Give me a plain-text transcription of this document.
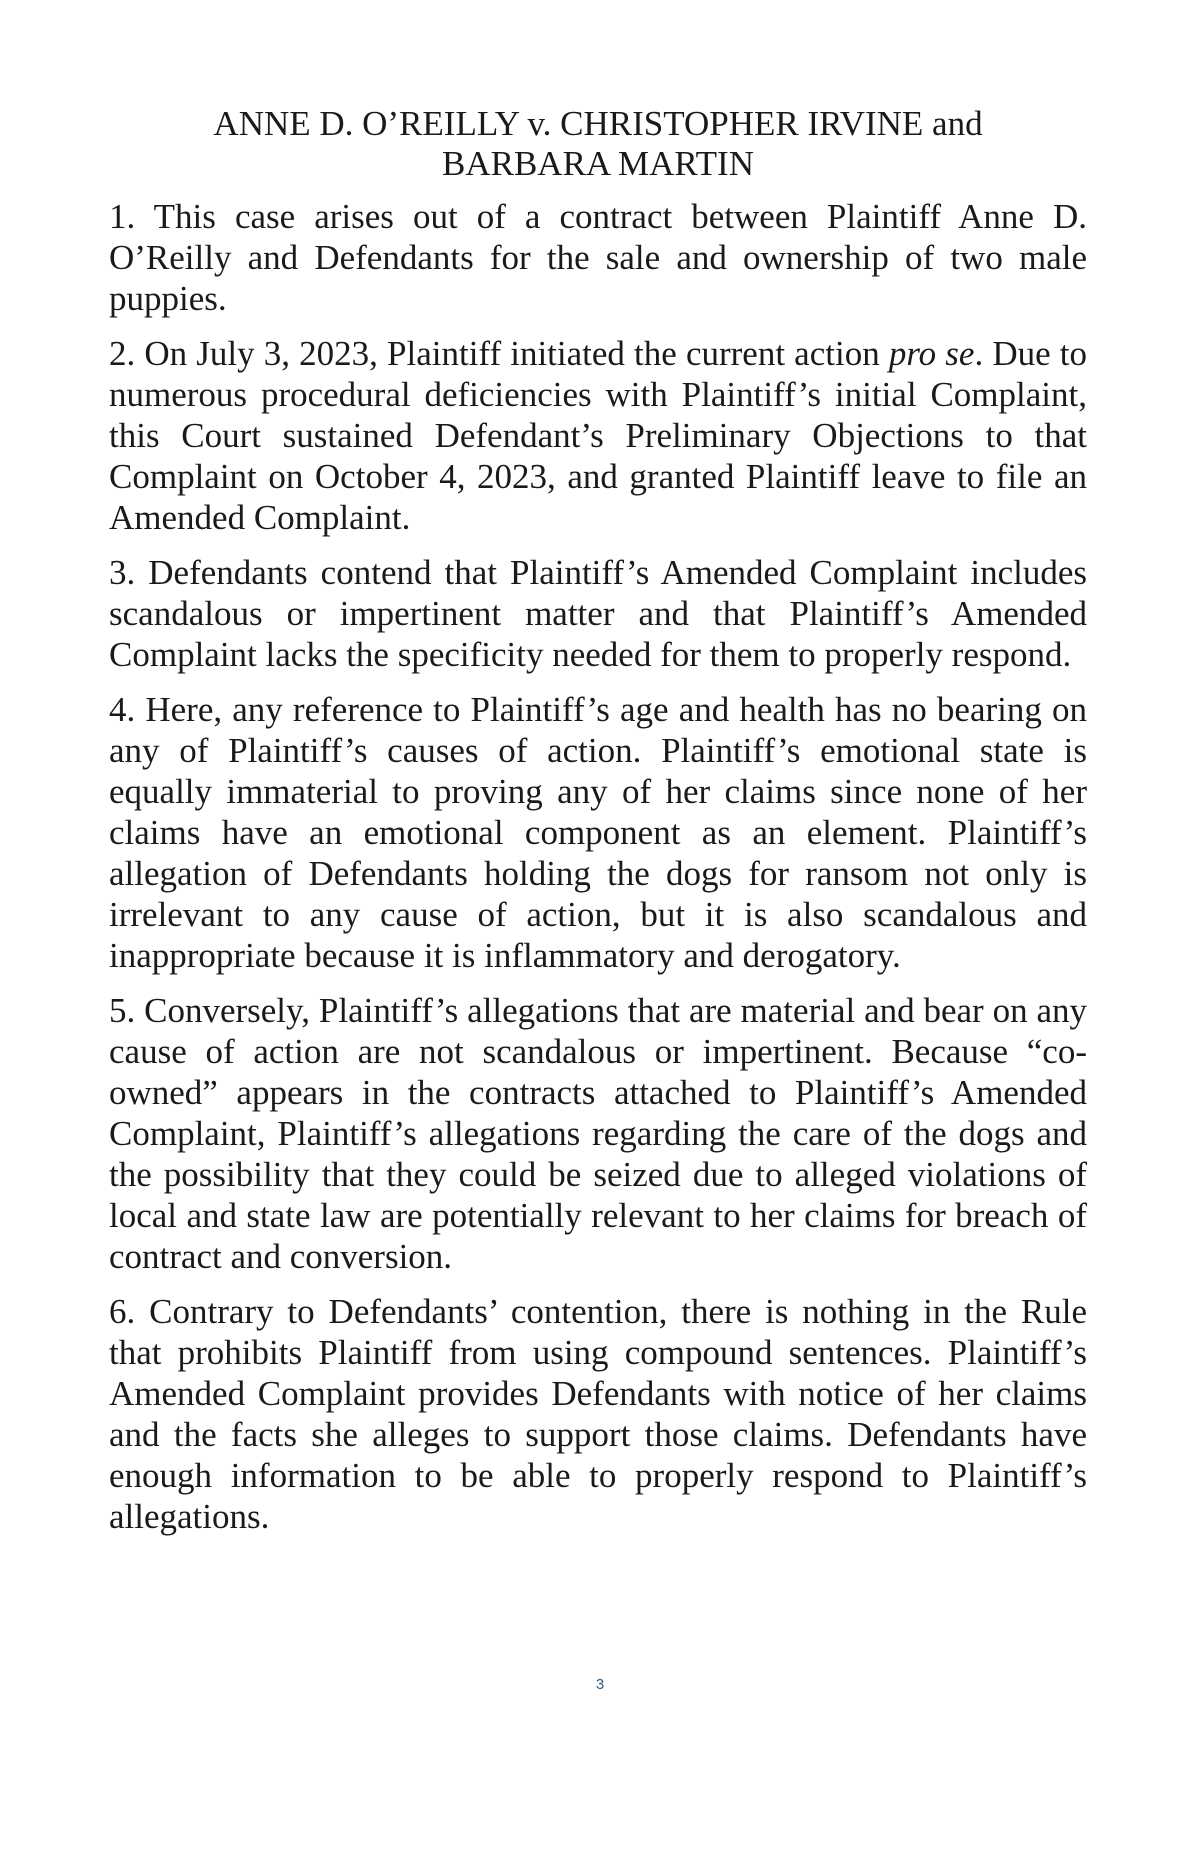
ANNE D. O’REILLY v. CHRISTOPHER IRVINE and
BARBARA MARTIN

1. This case arises out of a contract between Plaintiff Anne D. O’Reilly and Defendants for the sale and ownership of two male puppies.

2. On July 3, 2023, Plaintiff initiated the current action pro se. Due to numerous procedural deficiencies with Plaintiff’s initial Complaint, this Court sustained Defendant’s Preliminary Objections to that Complaint on October 4, 2023, and granted Plaintiff leave to file an Amended Complaint.

3. Defendants contend that Plaintiff’s Amended Complaint includes scandalous or impertinent matter and that Plaintiff’s Amended Complaint lacks the specificity needed for them to properly respond.

4. Here, any reference to Plaintiff’s age and health has no bearing on any of Plaintiff’s causes of action. Plaintiff’s emotional state is equally immaterial to proving any of her claims since none of her claims have an emotional component as an element. Plaintiff’s allegation of Defendants holding the dogs for ransom not only is irrelevant to any cause of action, but it is also scandalous and inappropriate because it is inflammatory and derogatory.

5. Conversely, Plaintiff’s allegations that are material and bear on any cause of action are not scandalous or impertinent. Because “co-owned” appears in the contracts attached to Plaintiff’s Amended Complaint, Plaintiff’s allegations regarding the care of the dogs and the possibility that they could be seized due to alleged violations of local and state law are potentially relevant to her claims for breach of contract and conversion.

6. Contrary to Defendants’ contention, there is nothing in the Rule that prohibits Plaintiff from using compound sentences. Plaintiff’s Amended Complaint provides Defendants with notice of her claims and the facts she alleges to support those claims. Defendants have enough information to be able to properly respond to Plaintiff’s allegations.

3
